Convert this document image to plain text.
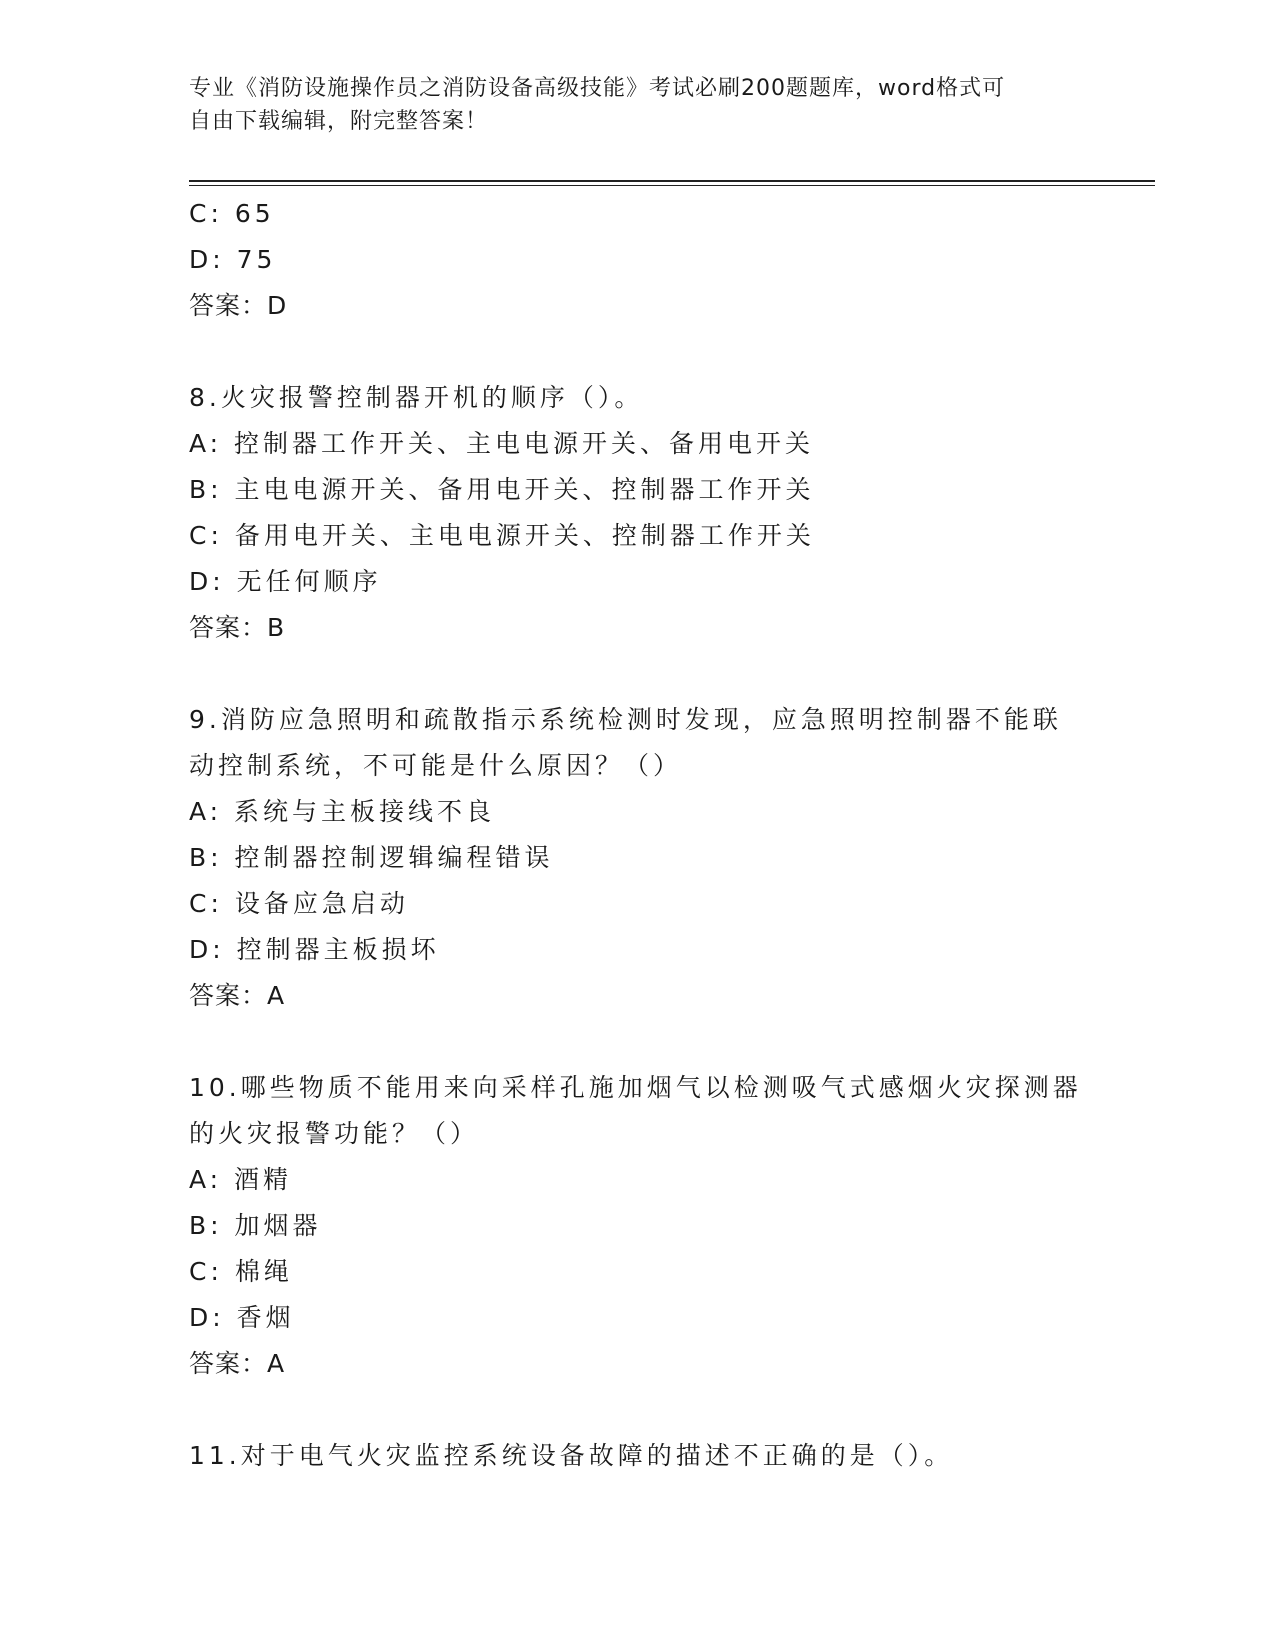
专业《消防设施操作员之消防设备高级技能》考试必刷200题题库，word格式可
自由下载编辑，附完整答案！
C: 65
D: 75
答案：D
8.火灾报警控制器开机的顺序（）。
A: 控制器工作开关、主电电源开关、备用电开关
B: 主电电源开关、备用电开关、控制器工作开关
C: 备用电开关、主电电源开关、控制器工作开关
D: 无任何顺序
答案：B
9.消防应急照明和疏散指示系统检测时发现，应急照明控制器不能联
动控制系统，不可能是什么原因？（）
A: 系统与主板接线不良
B: 控制器控制逻辑编程错误
C: 设备应急启动
D: 控制器主板损坏
答案：A
10.哪些物质不能用来向采样孔施加烟气以检测吸气式感烟火灾探测器
的火灾报警功能？（）
A: 酒精
B: 加烟器
C: 棉绳
D: 香烟
答案：A
11.对于电气火灾监控系统设备故障的描述不正确的是（）。
